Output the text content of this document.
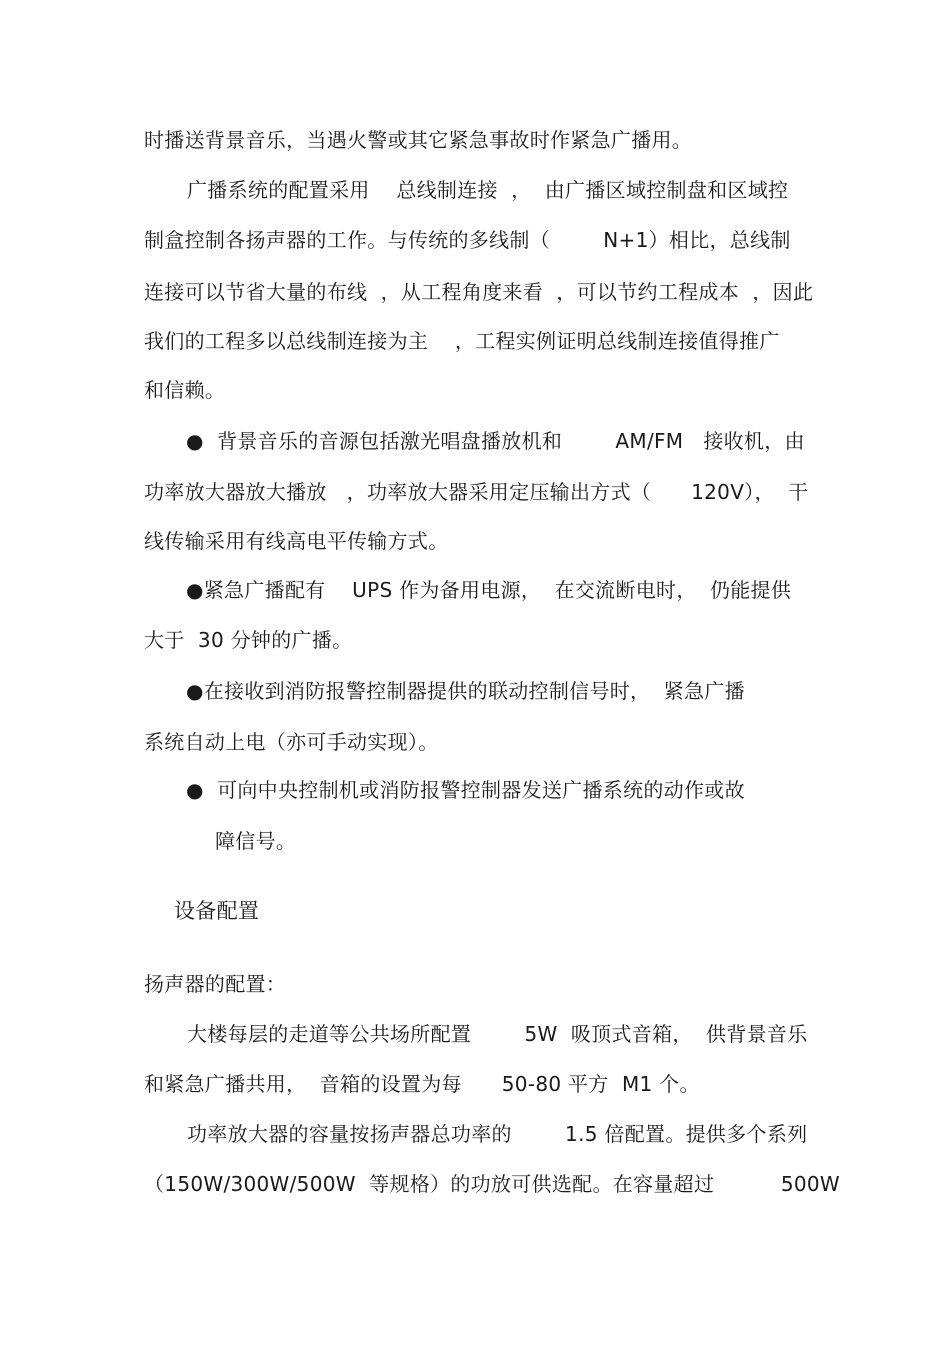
时播送背景音乐，当遇火警或其它紧急事故时作紧急广播用。
广播系统的配置采用    总线制连接  ，  由广播区域控制盘和区域控
制盒控制各扬声器的工作。与传统的多线制（        N+1）相比，总线制
连接可以节省大量的布线  ，从工程角度来看  ，可以节约工程成本  ，因此
我们的工程多以总线制连接为主    ，工程实例证明总线制连接值得推广
和信赖。
●  背景音乐的音源包括激光唱盘播放机和        AM/FM   接收机，由
功率放大器放大播放   ，功率放大器采用定压输出方式（      120V），  干
线传输采用有线高电平传输方式。
●紧急广播配有    UPS 作为备用电源，  在交流断电时，  仍能提供
大于  30 分钟的广播。
●在接收到消防报警控制器提供的联动控制信号时，  紧急广播
系统自动上电（亦可手动实现）。
●  可向中央控制机或消防报警控制器发送广播系统的动作或故
障信号。
设备配置
扬声器的配置：
大楼每层的走道等公共场所配置        5W  吸顶式音箱，  供背景音乐
和紧急广播共用，  音箱的设置为每      50-80 平方  M1 个。
功率放大器的容量按扬声器总功率的        1.5 倍配置。提供多个系列
（150W/300W/500W  等规格）的功放可供选配。在容量超过          500W
